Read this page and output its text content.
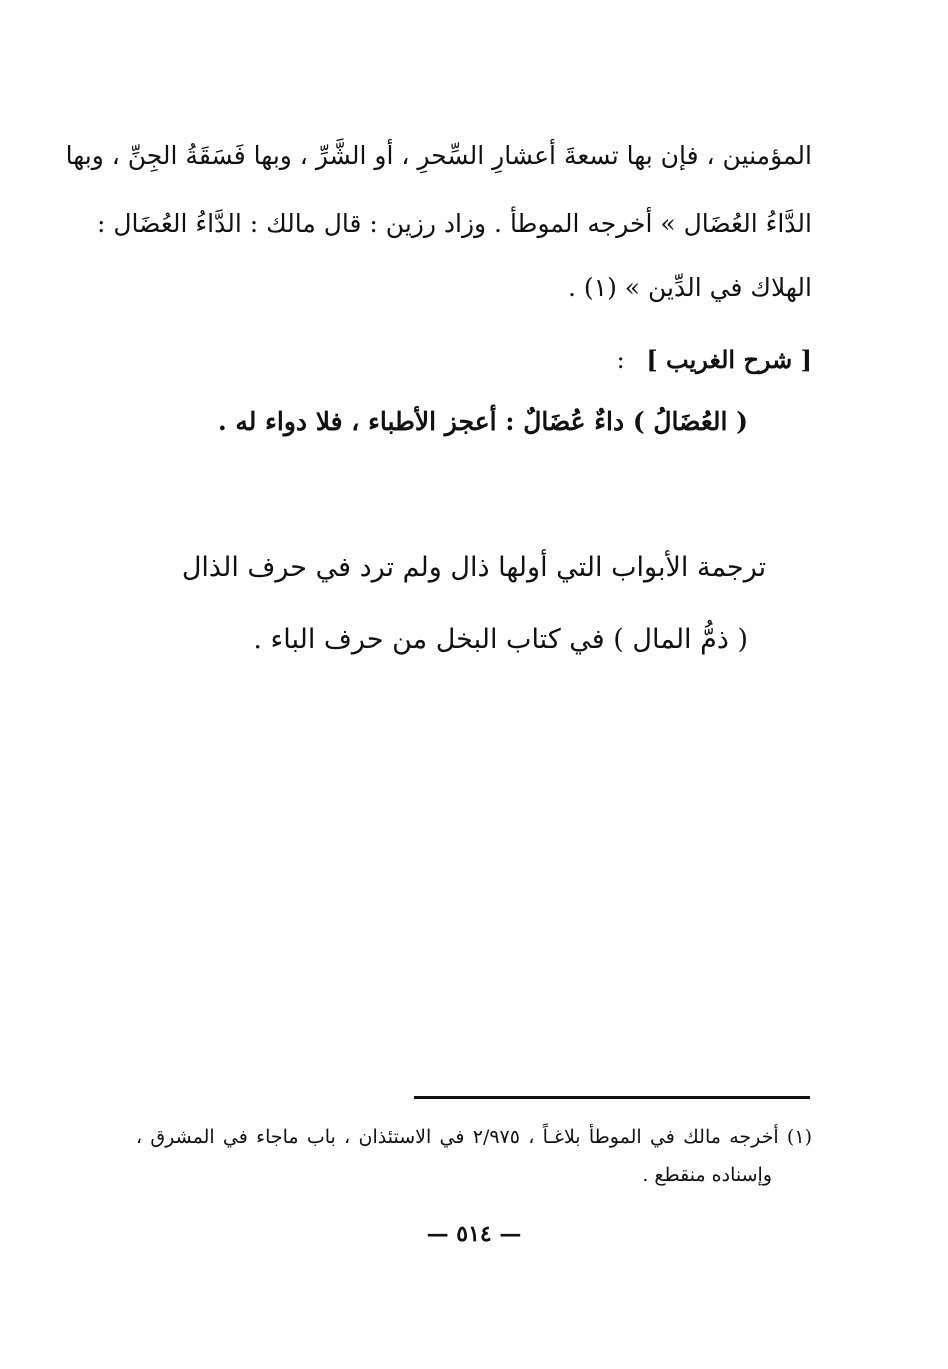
المؤمنين ، فإن بها تسعةَ أعشارِ السِّحرِ ، أو الشَّرِّ ، وبها فَسَقَةُ الجِنِّ ، وبها
الدَّاءُ العُضَال » أخرجه الموطأ . وزاد رزين : قال مالك : الدَّاءُ العُضَال :
الهلاك في الدِّين » (١) .
[ شرح الغريب ] :
( العُضَالُ ) داءٌ عُضَالٌ : أعجز الأطباء ، فلا دواء له .
ترجمة الأبواب التي أولها ذال ولم ترد في حرف الذال
( ذمُّ المال ) في كتاب البخل من حرف الباء .
(١) أخرجه مالك في الموطأ بلاغـاً ، ٢/٩٧٥ في الاستئذان ، باب ماجاء في المشرق ،
وإسناده منقطع .
— ٥١٤ —
